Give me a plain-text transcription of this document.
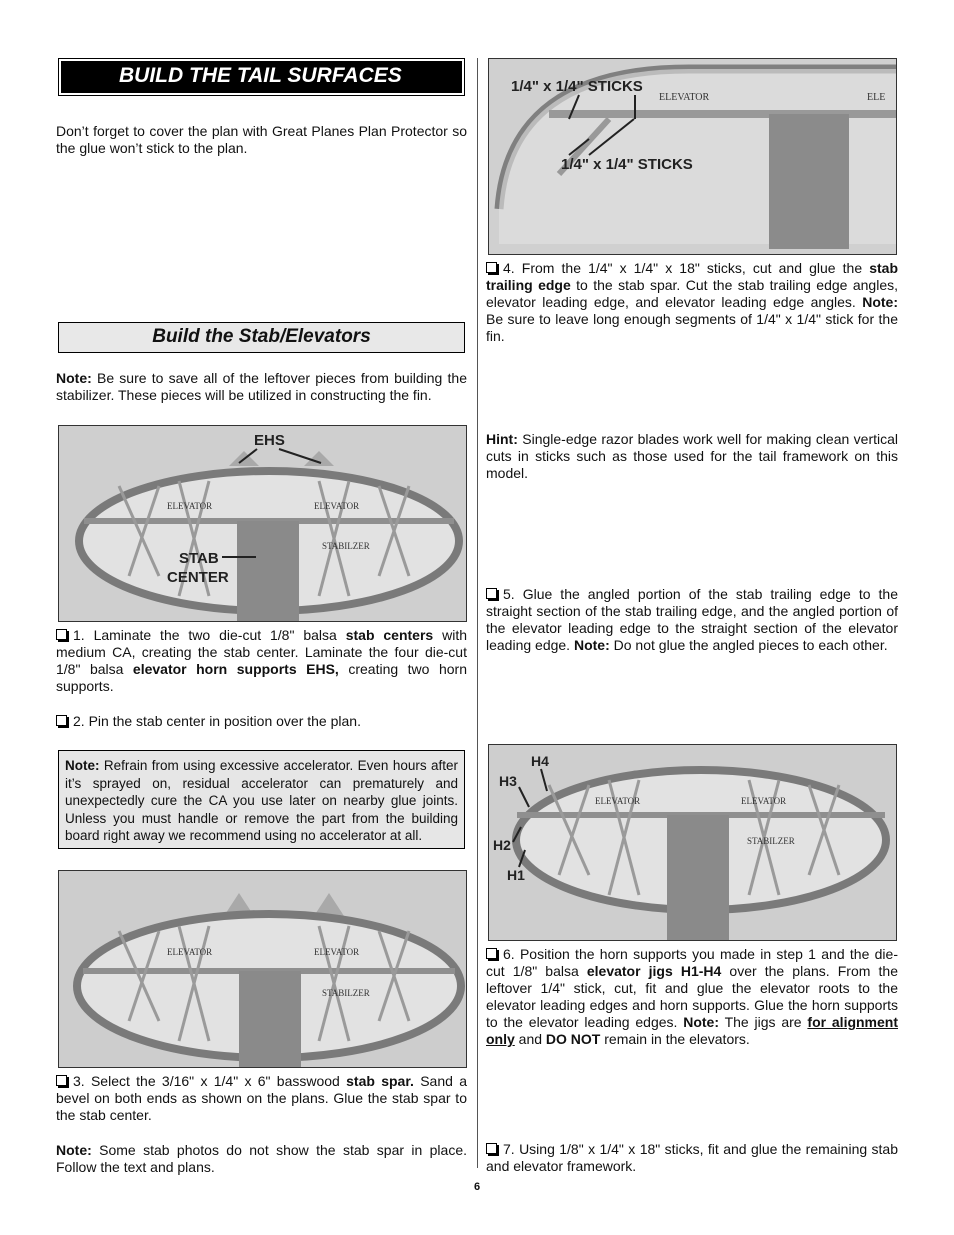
BUILD THE TAIL SURFACES

Don’t forget to cover the plan with Great Planes Plan Protector so the glue won’t stick to the plan.

Build the Stab/Elevators

Note: Be sure to save all of the leftover pieces from building the stabilizer. These pieces will be utilized in constructing the fin.

EHS
ELEVATOR	ELEVATOR
STABILZER
STAB
CENTER

1. Laminate the two die-cut 1/8" balsa stab centers with medium CA, creating the stab center. Laminate the four die-cut 1/8" balsa elevator horn supports EHS, creating two horn supports.

2. Pin the stab center in position over the plan.

Note: Refrain from using excessive accelerator. Even hours after it’s sprayed on, residual accelerator can prematurely and unexpectedly cure the CA you use later on nearby glue joints. Unless you must handle or remove the part from the building board right away we recommend using no accelerator at all.
ELEVATOR	ELEVATOR
STABILZER

3. Select the 3/16" x 1/4" x 6" basswood stab spar. Sand a bevel on both ends as shown on the plans. Glue the stab spar to the stab center.

Note: Some stab photos do not show the stab spar in place. Follow the text and plans.

1/4" x 1/4" STICKS
ELEVATOR	ELE
1/4" x 1/4" STICKS

4. From the 1/4" x 1/4" x 18" sticks, cut and glue the stab trailing edge to the stab spar. Cut the stab trailing edge angles, elevator leading edge, and elevator leading edge angles. Note: Be sure to leave long enough segments of 1/4" x 1/4" stick for the fin.

Hint: Single-edge razor blades work well for making clean vertical cuts in sticks such as those used for the tail framework on this model.

5. Glue the angled portion of the stab trailing edge to the straight section of the stab trailing edge, and the angled portion of the elevator leading edge to the straight section of the elevator leading edge. Note: Do not glue the angled pieces to each other.

ELEVATOR	ELEVATOR
STABILZER
H4
H3
H2
H1

6. Position the horn supports you made in step 1 and the die-cut 1/8" balsa elevator jigs H1-H4 over the plans. From the leftover 1/4" stick, cut, fit and glue the elevator roots to the elevator leading edges and horn supports. Glue the horn supports to the elevator leading edges. Note: The jigs are for alignment only and DO NOT remain in the elevators.

7. Using 1/8" x 1/4" x 18" sticks, fit and glue the remaining stab and elevator framework.

6
